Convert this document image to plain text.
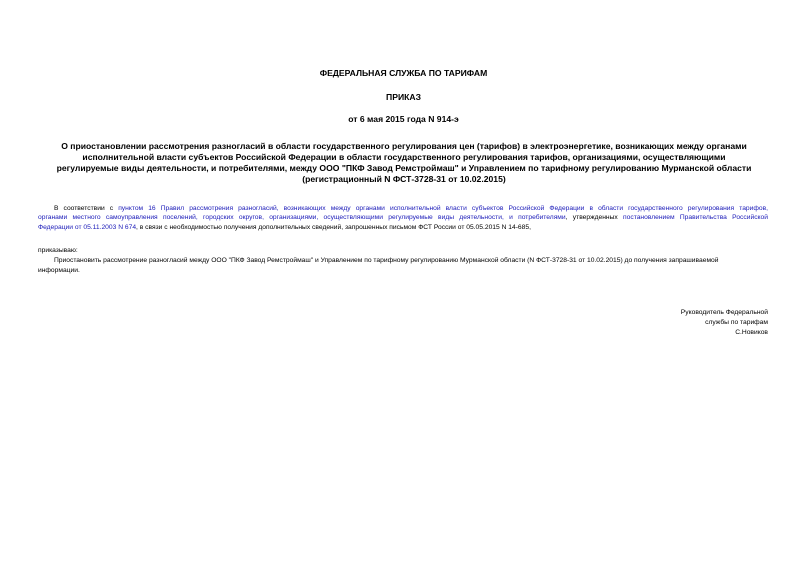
ФЕДЕРАЛЬНАЯ СЛУЖБА ПО ТАРИФАМ
ПРИКАЗ
от 6 мая 2015 года N 914-э
О приостановлении рассмотрения разногласий в области государственного регулирования цен (тарифов) в электроэнергетике, возникающих между органами
исполнительной власти субъектов Российской Федерации в области государственного регулирования тарифов, организациями, осуществляющими
регулируемые виды деятельности, и потребителями, между ООО "ПКФ Завод Ремстроймаш" и Управлением по тарифному регулированию Мурманской области
(регистрационный N ФСТ-3728-31 от 10.02.2015)
В соответствии с пунктом 16 Правил рассмотрения разногласий, возникающих между органами исполнительной власти субъектов Российской Федерации в области государственного регулирования тарифов,
органами местного самоуправления поселений, городских округов, организациями, осуществляющими регулируемые виды деятельности, и потребителями, утвержденных постановлением Правительства Российской
Федерации от 05.11.2003 N 674, в связи с необходимостью получения дополнительных сведений, запрошенных письмом ФСТ России от 05.05.2015 N 14-685,
приказываю:
Приостановить рассмотрение разногласий между ООО "ПКФ Завод Ремстроймаш" и Управлением по тарифному регулированию Мурманской области (N ФСТ-3728-31 от 10.02.2015) до получения запрашиваемой
информации.
Руководитель Федеральной
службы по тарифам
С.Новиков
